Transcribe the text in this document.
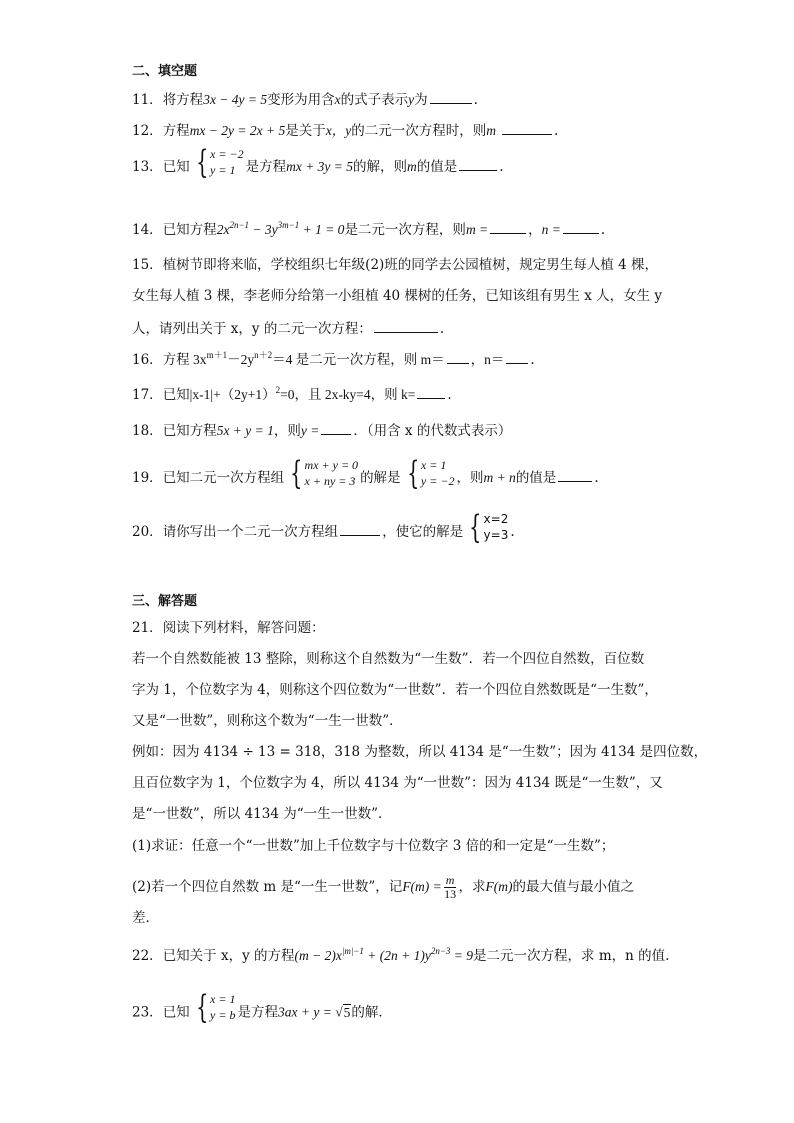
二、填空题
11．将方程3x − 4y = 5变形为用含x的式子表示y为	.
12．方程mx − 2y = 2x + 5是关于x，y的二元一次方程时，则m	.
13．已知 { x = −2
y = 1 是方程mx + 3y = 5的解，则m的值是	.
14．已知方程$2x^{2n-1} - 3y^{3m-1} + 1 = 0$是二元一次方程，则m =	，n =	.
15．植树节即将来临，学校组织七年级(2)班的同学去公园植树，规定男生每人植 4 棵，
女生每人植 3 棵，李老师分给第一小组植 40 棵树的任务，已知该组有男生 x 人，女生 y
人，请列出关于 x，y 的二元一次方程：	.
16．方程 $3x^{m+1}-2y^{n+2}=4$ 是二元一次方程，则 m＝ ，n＝ .
17．已知$|x-1|+(2y+1)^2=0$，且 2x-ky=4，则 k= .
18．已知方程5x + y = 1，则y =	．（用含 x 的代数式表示）
19．已知二元一次方程组 { mx + y = 0
x + ny = 3 的解是 { x = 1
y = −2 ，则m + n的值是	.
20．请你写出一个二元一次方程组	，使它的解是 { x=2
y=3 .
三、解答题
21．阅读下列材料，解答问题：
若一个自然数能被 13 整除，则称这个自然数为“一生数”．若一个四位自然数，百位数
字为 1，个位数字为 4，则称这个四位数为“一世数”．若一个四位自然数既是“一生数”，
又是“一世数”，则称这个数为“一生一世数”．
例如：因为 4134 ÷ 13 = 318，318 为整数，所以 4134 是“一生数”；因为 4134 是四位数，
且百位数字为 1，个位数字为 4，所以 4134 为“一世数”：因为 4134 既是“一生数”，又
是“一世数”，所以 4134 为“一生一世数”．
(1)求证：任意一个“一世数”加上千位数字与十位数字 3 倍的和一定是“一生数”；
(2)若一个四位自然数 m 是“一生一世数”，记$F(m) = \frac{m}{13}$ ，求F(m)的最大值与最小值之
差．
22．已知关于 x，y 的方程$(m - 2)x^{|m|-1} + (2n + 1)y^{2n-3} = 9$是二元一次方程，求 m，n 的值.
23．已知 { x = 1
y = b 是方程3ax + y = √5的解．
